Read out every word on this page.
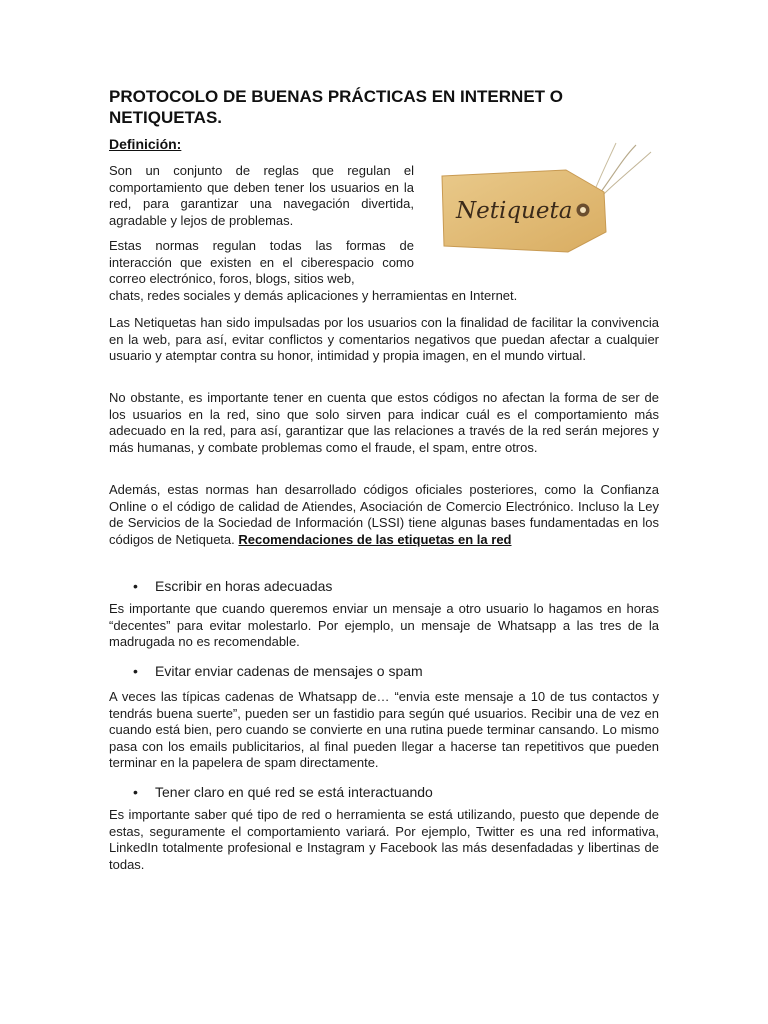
PROTOCOLO DE BUENAS PRÁCTICAS EN INTERNET O NETIQUETAS.
Definición:
Netiqueta

Son un conjunto de reglas que regulan el comportamiento que deben tener los usuarios en la red, para garantizar una navegación divertida, agradable y lejos de problemas.

Estas normas regulan todas las formas de interacción que existen en el ciberespacio como correo electrónico, foros, blogs, sitios web,

chats, redes sociales y demás aplicaciones y herramientas en Internet.

Las Netiquetas han sido impulsadas por los usuarios con la finalidad de facilitar la convivencia en la web, para así, evitar conflictos y comentarios negativos que puedan afectar a cualquier usuario y atemptar contra su honor, intimidad y propia imagen, en el mundo virtual.

No obstante, es importante tener en cuenta que estos códigos no afectan la forma de ser de los usuarios en la red, sino que solo sirven para indicar cuál es el comportamiento más adecuado en la red, para así, garantizar que las relaciones a través de la red serán mejores y más humanas, y combate problemas como el fraude, el spam, entre otros.

Además, estas normas han desarrollado códigos oficiales posteriores, como la Confianza Online o el código de calidad de Atiendes, Asociación de Comercio Electrónico. Incluso la Ley de Servicios de la Sociedad de Información (LSSI) tiene algunas bases fundamentadas en los códigos de Netiqueta. Recomendaciones de las etiquetas en la red

• Escribir en horas adecuadas

Es importante que cuando queremos enviar un mensaje a otro usuario lo hagamos en horas “decentes” para evitar molestarlo. Por ejemplo, un mensaje de Whatsapp a las tres de la madrugada no es recomendable.

• Evitar enviar cadenas de mensajes o spam

A veces las típicas cadenas de Whatsapp de… “envia este mensaje a 10 de tus contactos y tendrás buena suerte”, pueden ser un fastidio para según qué usuarios. Recibir una de vez en cuando está bien, pero cuando se convierte en una rutina puede terminar cansando. Lo mismo pasa con los emails publicitarios, al final pueden llegar a hacerse tan repetitivos que pueden terminar en la papelera de spam directamente.

• Tener claro en qué red se está interactuando

Es importante saber qué tipo de red o herramienta se está utilizando, puesto que depende de estas, seguramente el comportamiento variará. Por ejemplo, Twitter es una red informativa, LinkedIn totalmente profesional e Instagram y Facebook las más desenfadadas y libertinas de todas.
